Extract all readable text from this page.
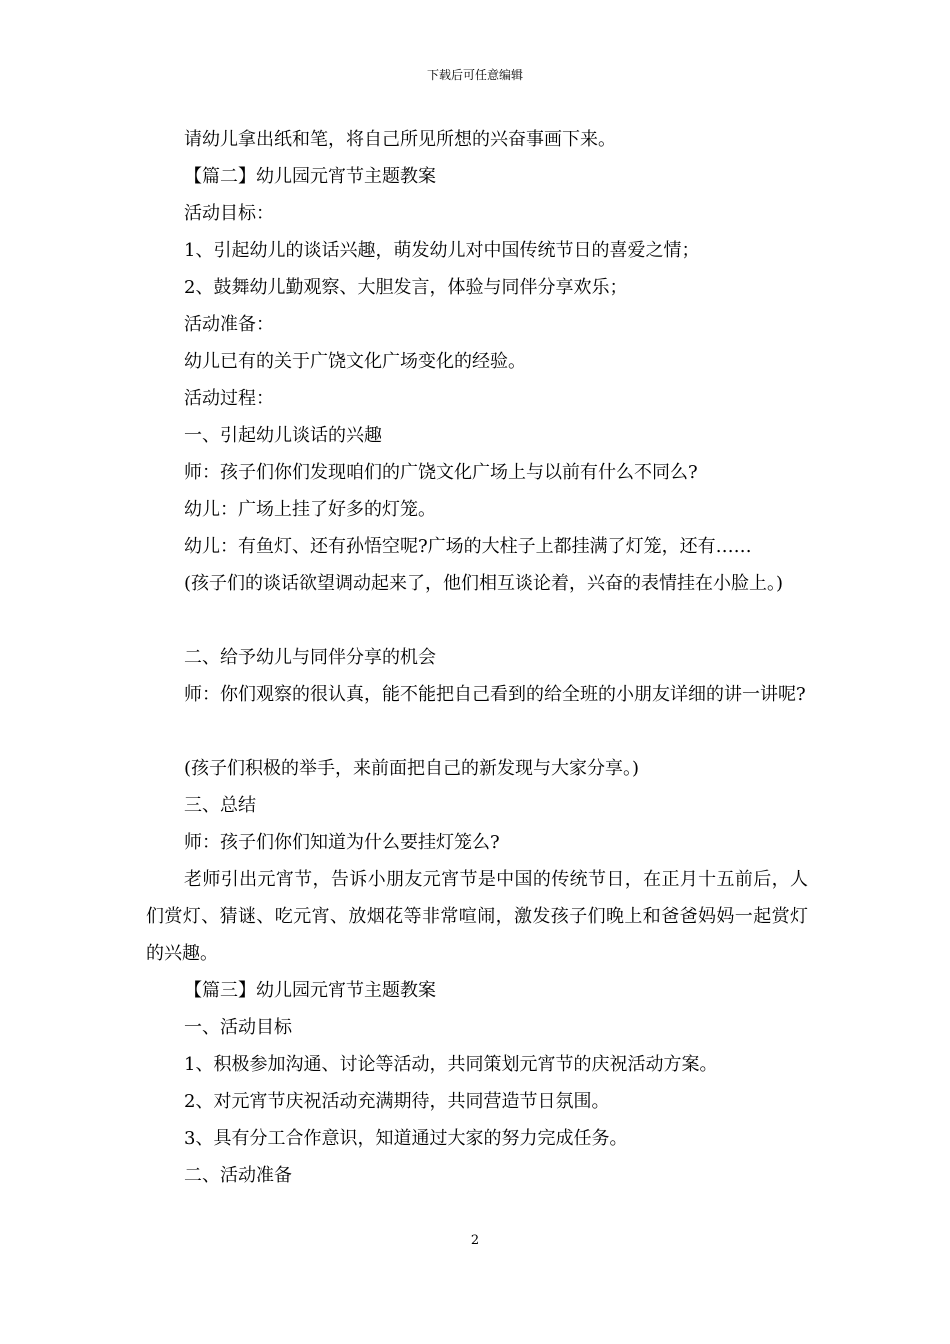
下载后可任意编辑
请幼儿拿出纸和笔，将自己所见所想的兴奋事画下来。
【篇二】幼儿园元宵节主题教案
活动目标：
1、引起幼儿的谈话兴趣，萌发幼儿对中国传统节日的喜爱之情；
2、鼓舞幼儿勤观察、大胆发言，体验与同伴分享欢乐；
活动准备：
幼儿已有的关于广饶文化广场变化的经验。
活动过程：
一、引起幼儿谈话的兴趣
师：孩子们你们发现咱们的广饶文化广场上与以前有什么不同么?
幼儿：广场上挂了好多的灯笼。
幼儿：有鱼灯、还有孙悟空呢?广场的大柱子上都挂满了灯笼，还有……
(孩子们的谈话欲望调动起来了，他们相互谈论着，兴奋的表情挂在小脸上。)
二、给予幼儿与同伴分享的机会
师：你们观察的很认真，能不能把自己看到的给全班的小朋友详细的讲一讲呢?
(孩子们积极的举手，来前面把自己的新发现与大家分享。)
三、总结
师：孩子们你们知道为什么要挂灯笼么?
老师引出元宵节，告诉小朋友元宵节是中国的传统节日，在正月十五前后，人们赏灯、猜谜、吃元宵、放烟花等非常喧闹，激发孩子们晚上和爸爸妈妈一起赏灯的兴趣。
【篇三】幼儿园元宵节主题教案
一、活动目标
1、积极参加沟通、讨论等活动，共同策划元宵节的庆祝活动方案。
2、对元宵节庆祝活动充满期待，共同营造节日氛围。
3、具有分工合作意识，知道通过大家的努力完成任务。
二、活动准备
2
